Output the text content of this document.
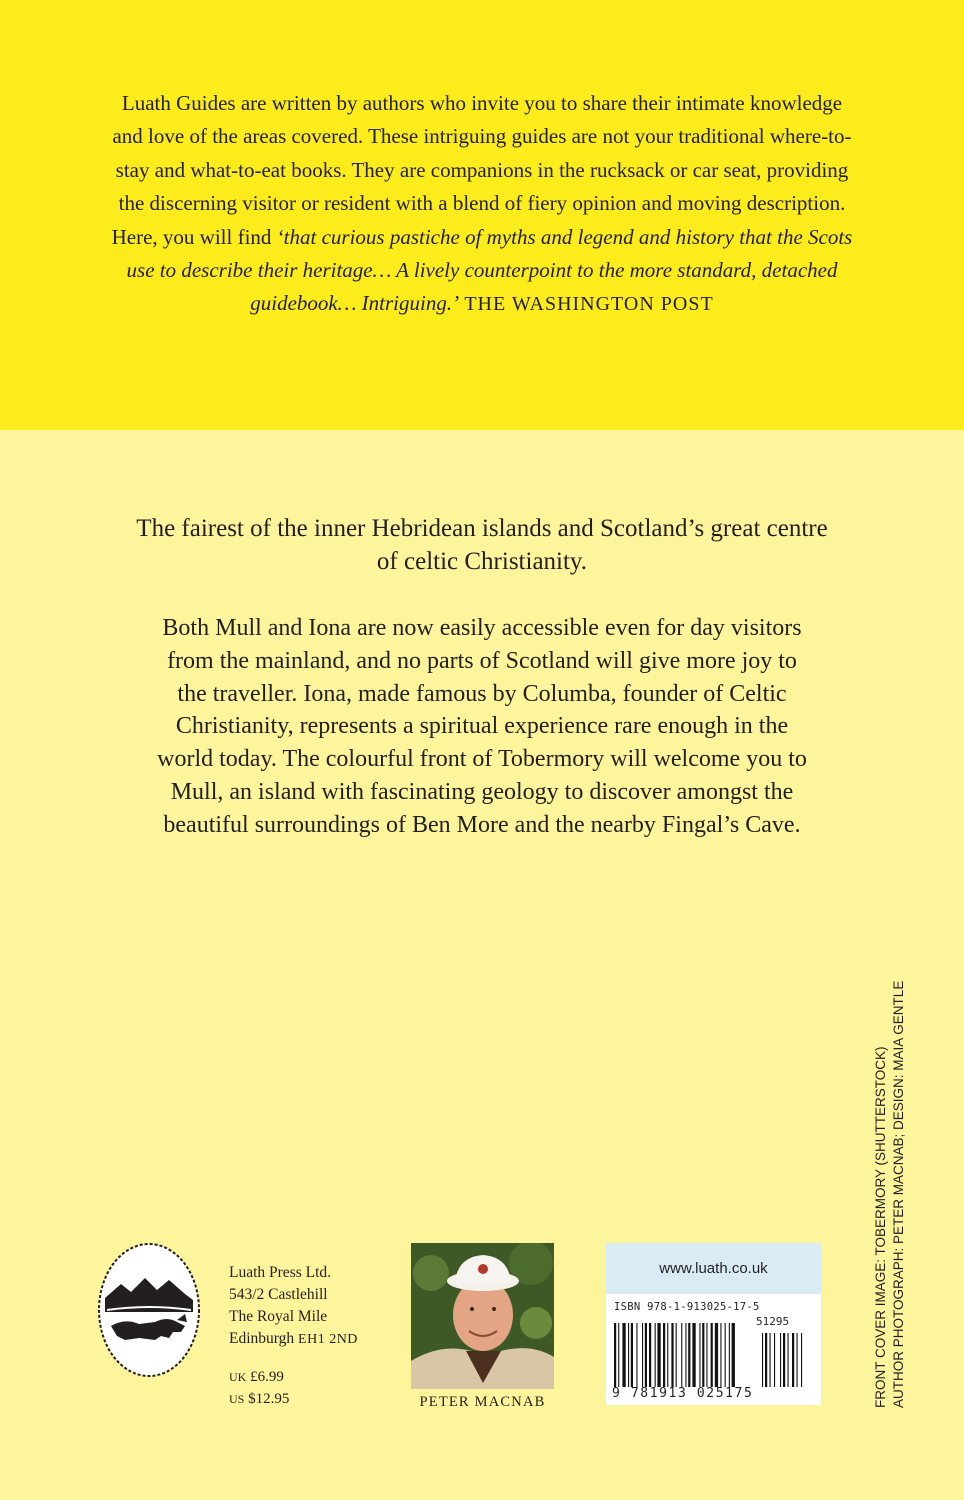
Luath Guides are written by authors who invite you to share their intimate knowledge and love of the areas covered. These intriguing guides are not your traditional where-to-stay and what-to-eat books. They are companions in the rucksack or car seat, providing the discerning visitor or resident with a blend of fiery opinion and moving description. Here, you will find ‘that curious pastiche of myths and legend and history that the Scots use to describe their heritage… A lively counterpoint to the more standard, detached guidebook… Intriguing.’ THE WASHINGTON POST

The fairest of the inner Hebridean islands and Scotland’s great centre of celtic Christianity.

Both Mull and Iona are now easily accessible even for day visitors from the mainland, and no parts of Scotland will give more joy to the traveller. Iona, made famous by Columba, founder of Celtic Christianity, represents a spiritual experience rare enough in the world today. The colourful front of Tobermory will welcome you to Mull, an island with fascinating geology to discover amongst the beautiful surroundings of Ben More and the nearby Fingal’s Cave.

FRONT COVER IMAGE: TOBERMORY (SHUTTERSTOCK) AUTHOR PHOTOGRAPH: PETER MACNAB; DESIGN: MAIA GENTLE
Luath Press Ltd.
543/2 Castlehill
The Royal Mile
Edinburgh EH1 2ND
UK £6.99
US $12.95	PETER MACNAB
www.luath.co.uk
ISBN 978-1-913025-17-5
51295
9 781913 025175
